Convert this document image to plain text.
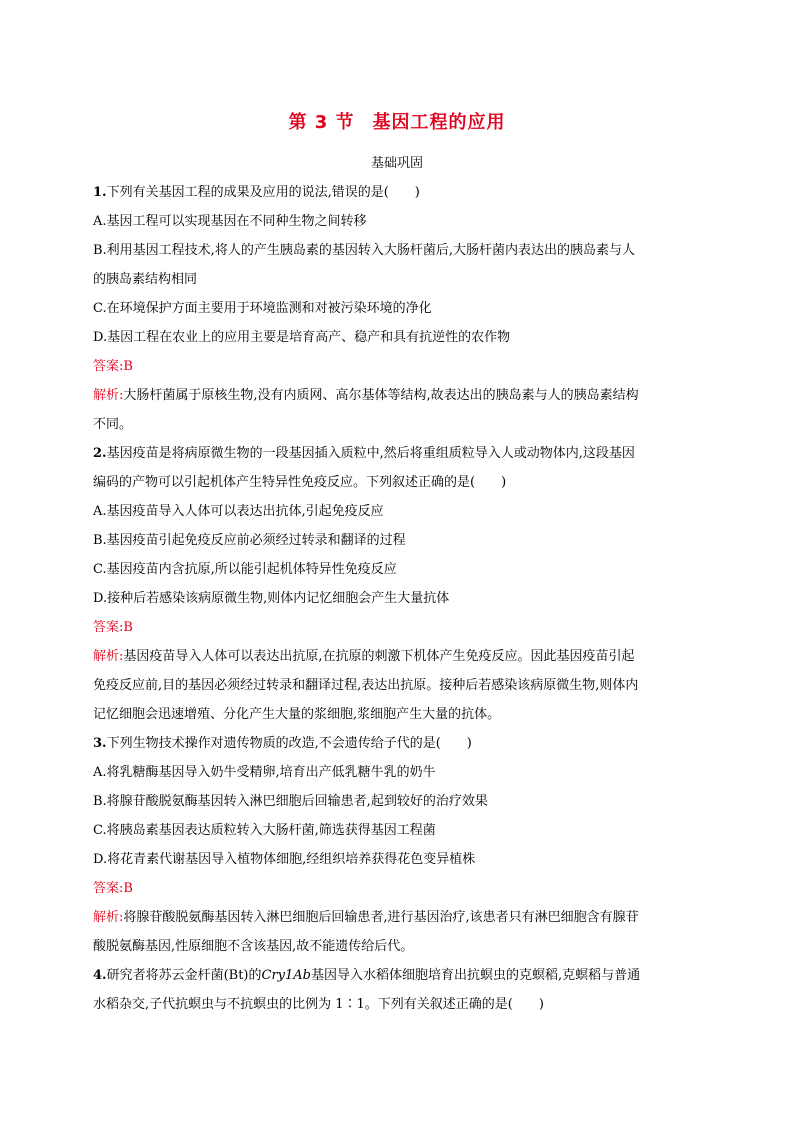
第 3 节 基因工程的应用
基础巩固

1.下列有关基因工程的成果及应用的说法,错误的是(　　)

A.基因工程可以实现基因在不同种生物之间转移

B.利用基因工程技术,将人的产生胰岛素的基因转入大肠杆菌后,大肠杆菌内表达出的胰岛素与人

的胰岛素结构相同

C.在环境保护方面主要用于环境监测和对被污染环境的净化

D.基因工程在农业上的应用主要是培育高产、稳产和具有抗逆性的农作物

答案:B

解析:大肠杆菌属于原核生物,没有内质网、高尔基体等结构,故表达出的胰岛素与人的胰岛素结构

不同。

2.基因疫苗是将病原微生物的一段基因插入质粒中,然后将重组质粒导入人或动物体内,这段基因

编码的产物可以引起机体产生特异性免疫反应。下列叙述正确的是(　　)

A.基因疫苗导入人体可以表达出抗体,引起免疫反应

B.基因疫苗引起免疫反应前必须经过转录和翻译的过程

C.基因疫苗内含抗原,所以能引起机体特异性免疫反应

D.接种后若感染该病原微生物,则体内记忆细胞会产生大量抗体

答案:B

解析:基因疫苗导入人体可以表达出抗原,在抗原的刺激下机体产生免疫反应。因此基因疫苗引起

免疫反应前,目的基因必须经过转录和翻译过程,表达出抗原。接种后若感染该病原微生物,则体内

记忆细胞会迅速增殖、分化产生大量的浆细胞,浆细胞产生大量的抗体。

3.下列生物技术操作对遗传物质的改造,不会遗传给子代的是(　　)

A.将乳糖酶基因导入奶牛受精卵,培育出产低乳糖牛乳的奶牛

B.将腺苷酸脱氨酶基因转入淋巴细胞后回输患者,起到较好的治疗效果

C.将胰岛素基因表达质粒转入大肠杆菌,筛选获得基因工程菌

D.将花青素代谢基因导入植物体细胞,经组织培养获得花色变异植株

答案:B

解析:将腺苷酸脱氨酶基因转入淋巴细胞后回输患者,进行基因治疗,该患者只有淋巴细胞含有腺苷

酸脱氨酶基因,性原细胞不含该基因,故不能遗传给后代。

4.研究者将苏云金杆菌(Bt)的Cry1Ab基因导入水稻体细胞培育出抗螟虫的克螟稻,克螟稻与普通

水稻杂交,子代抗螟虫与不抗螟虫的比例为 1∶1。下列有关叙述正确的是(　　)
